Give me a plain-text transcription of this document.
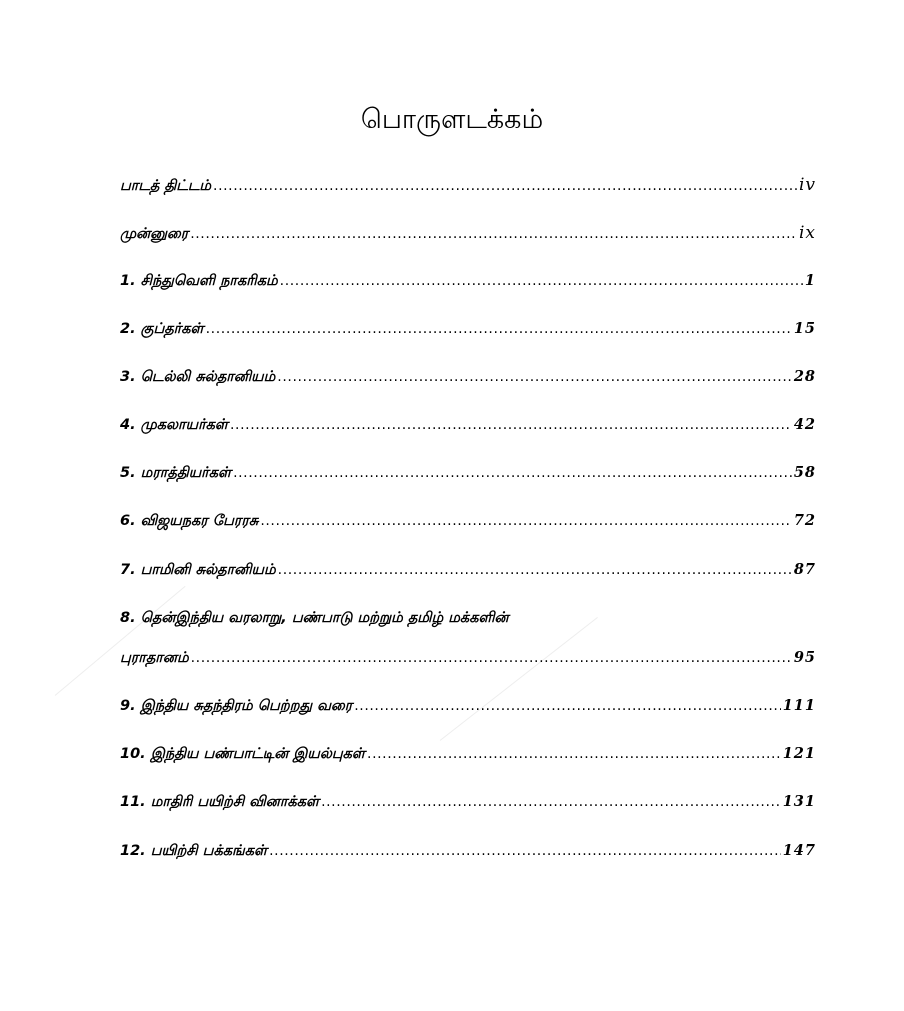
பொருளடக்கம்
பாடத் திட்டம் .....	iv
முன்னுரை .....	ix
1. சிந்துவெளி நாகரிகம் .....	1
2. குப்தர்கள் .....	15
3. டெல்லி சுல்தானியம் .....	28
4. முகலாயர்கள் .....	42
5. மராத்தியர்கள் .....	58
6. விஜயநகர பேரரசு .....	72
7. பாமினி சுல்தானியம் .....	87
8. தென்இந்திய வரலாறு, பண்பாடு மற்றும் தமிழ் மக்களின்
புராதானம் .....	95
9. இந்திய சுதந்திரம் பெற்றது வரை .....	111
10. இந்திய பண்பாட்டின் இயல்புகள் .....	121
11. மாதிரி பயிற்சி வினாக்கள் .....	131
12. பயிற்சி பக்கங்கள் .....	147
